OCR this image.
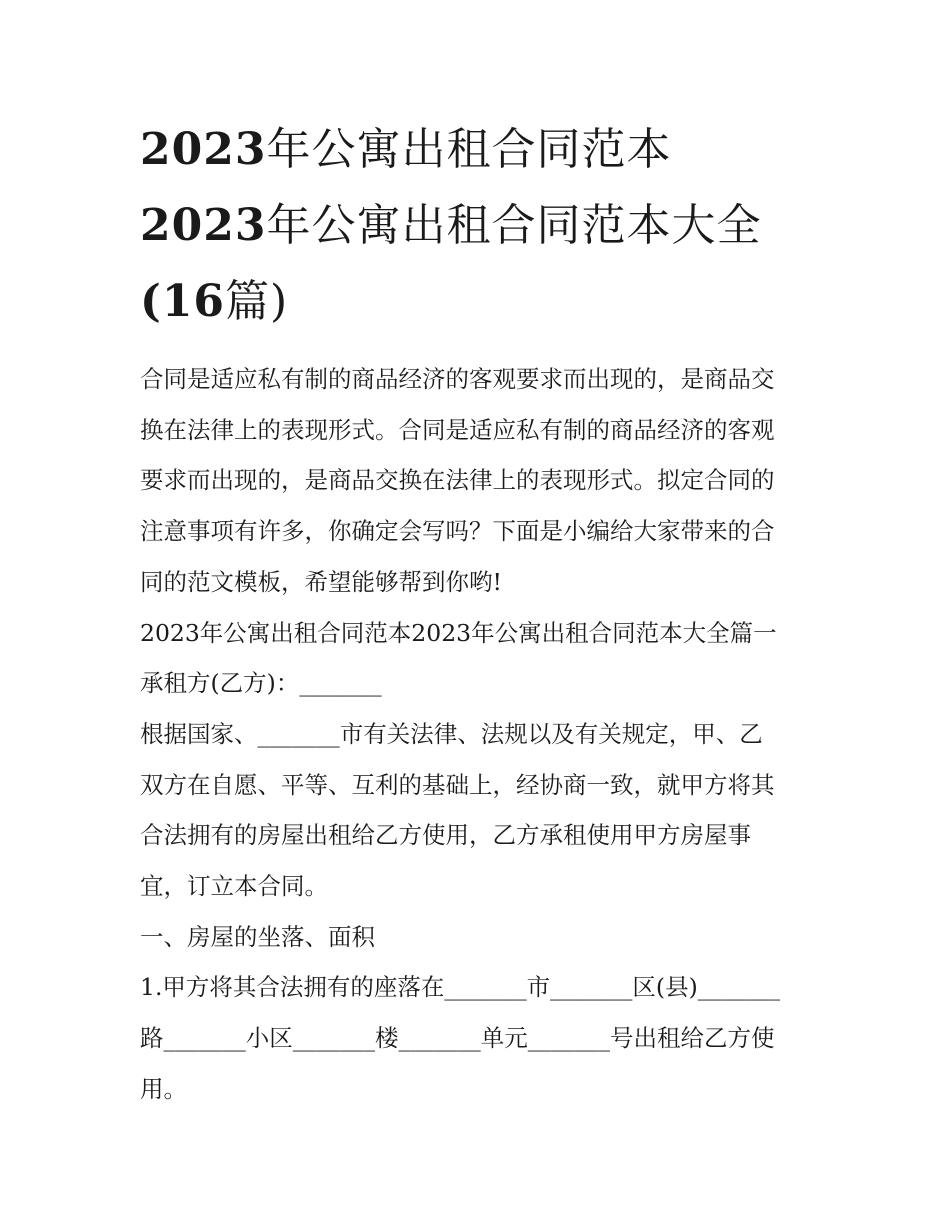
2023年公寓出租合同范本
2023年公寓出租合同范本大全
(16篇)

合同是适应私有制的商品经济的客观要求而出现的，是商品交

换在法律上的表现形式。合同是适应私有制的商品经济的客观

要求而出现的，是商品交换在法律上的表现形式。拟定合同的

注意事项有许多，你确定会写吗？下面是小编给大家带来的合

同的范文模板，希望能够帮到你哟!

2023年公寓出租合同范本2023年公寓出租合同范本大全篇一

承租方(乙方)：_______

根据国家、_______市有关法律、法规以及有关规定，甲、乙

双方在自愿、平等、互利的基础上，经协商一致，就甲方将其

合法拥有的房屋出租给乙方使用，乙方承租使用甲方房屋事

宜，订立本合同。

一、房屋的坐落、面积

1.甲方将其合法拥有的座落在_______市_______区(县)_______

路_______小区_______楼_______单元_______号出租给乙方使

用。
